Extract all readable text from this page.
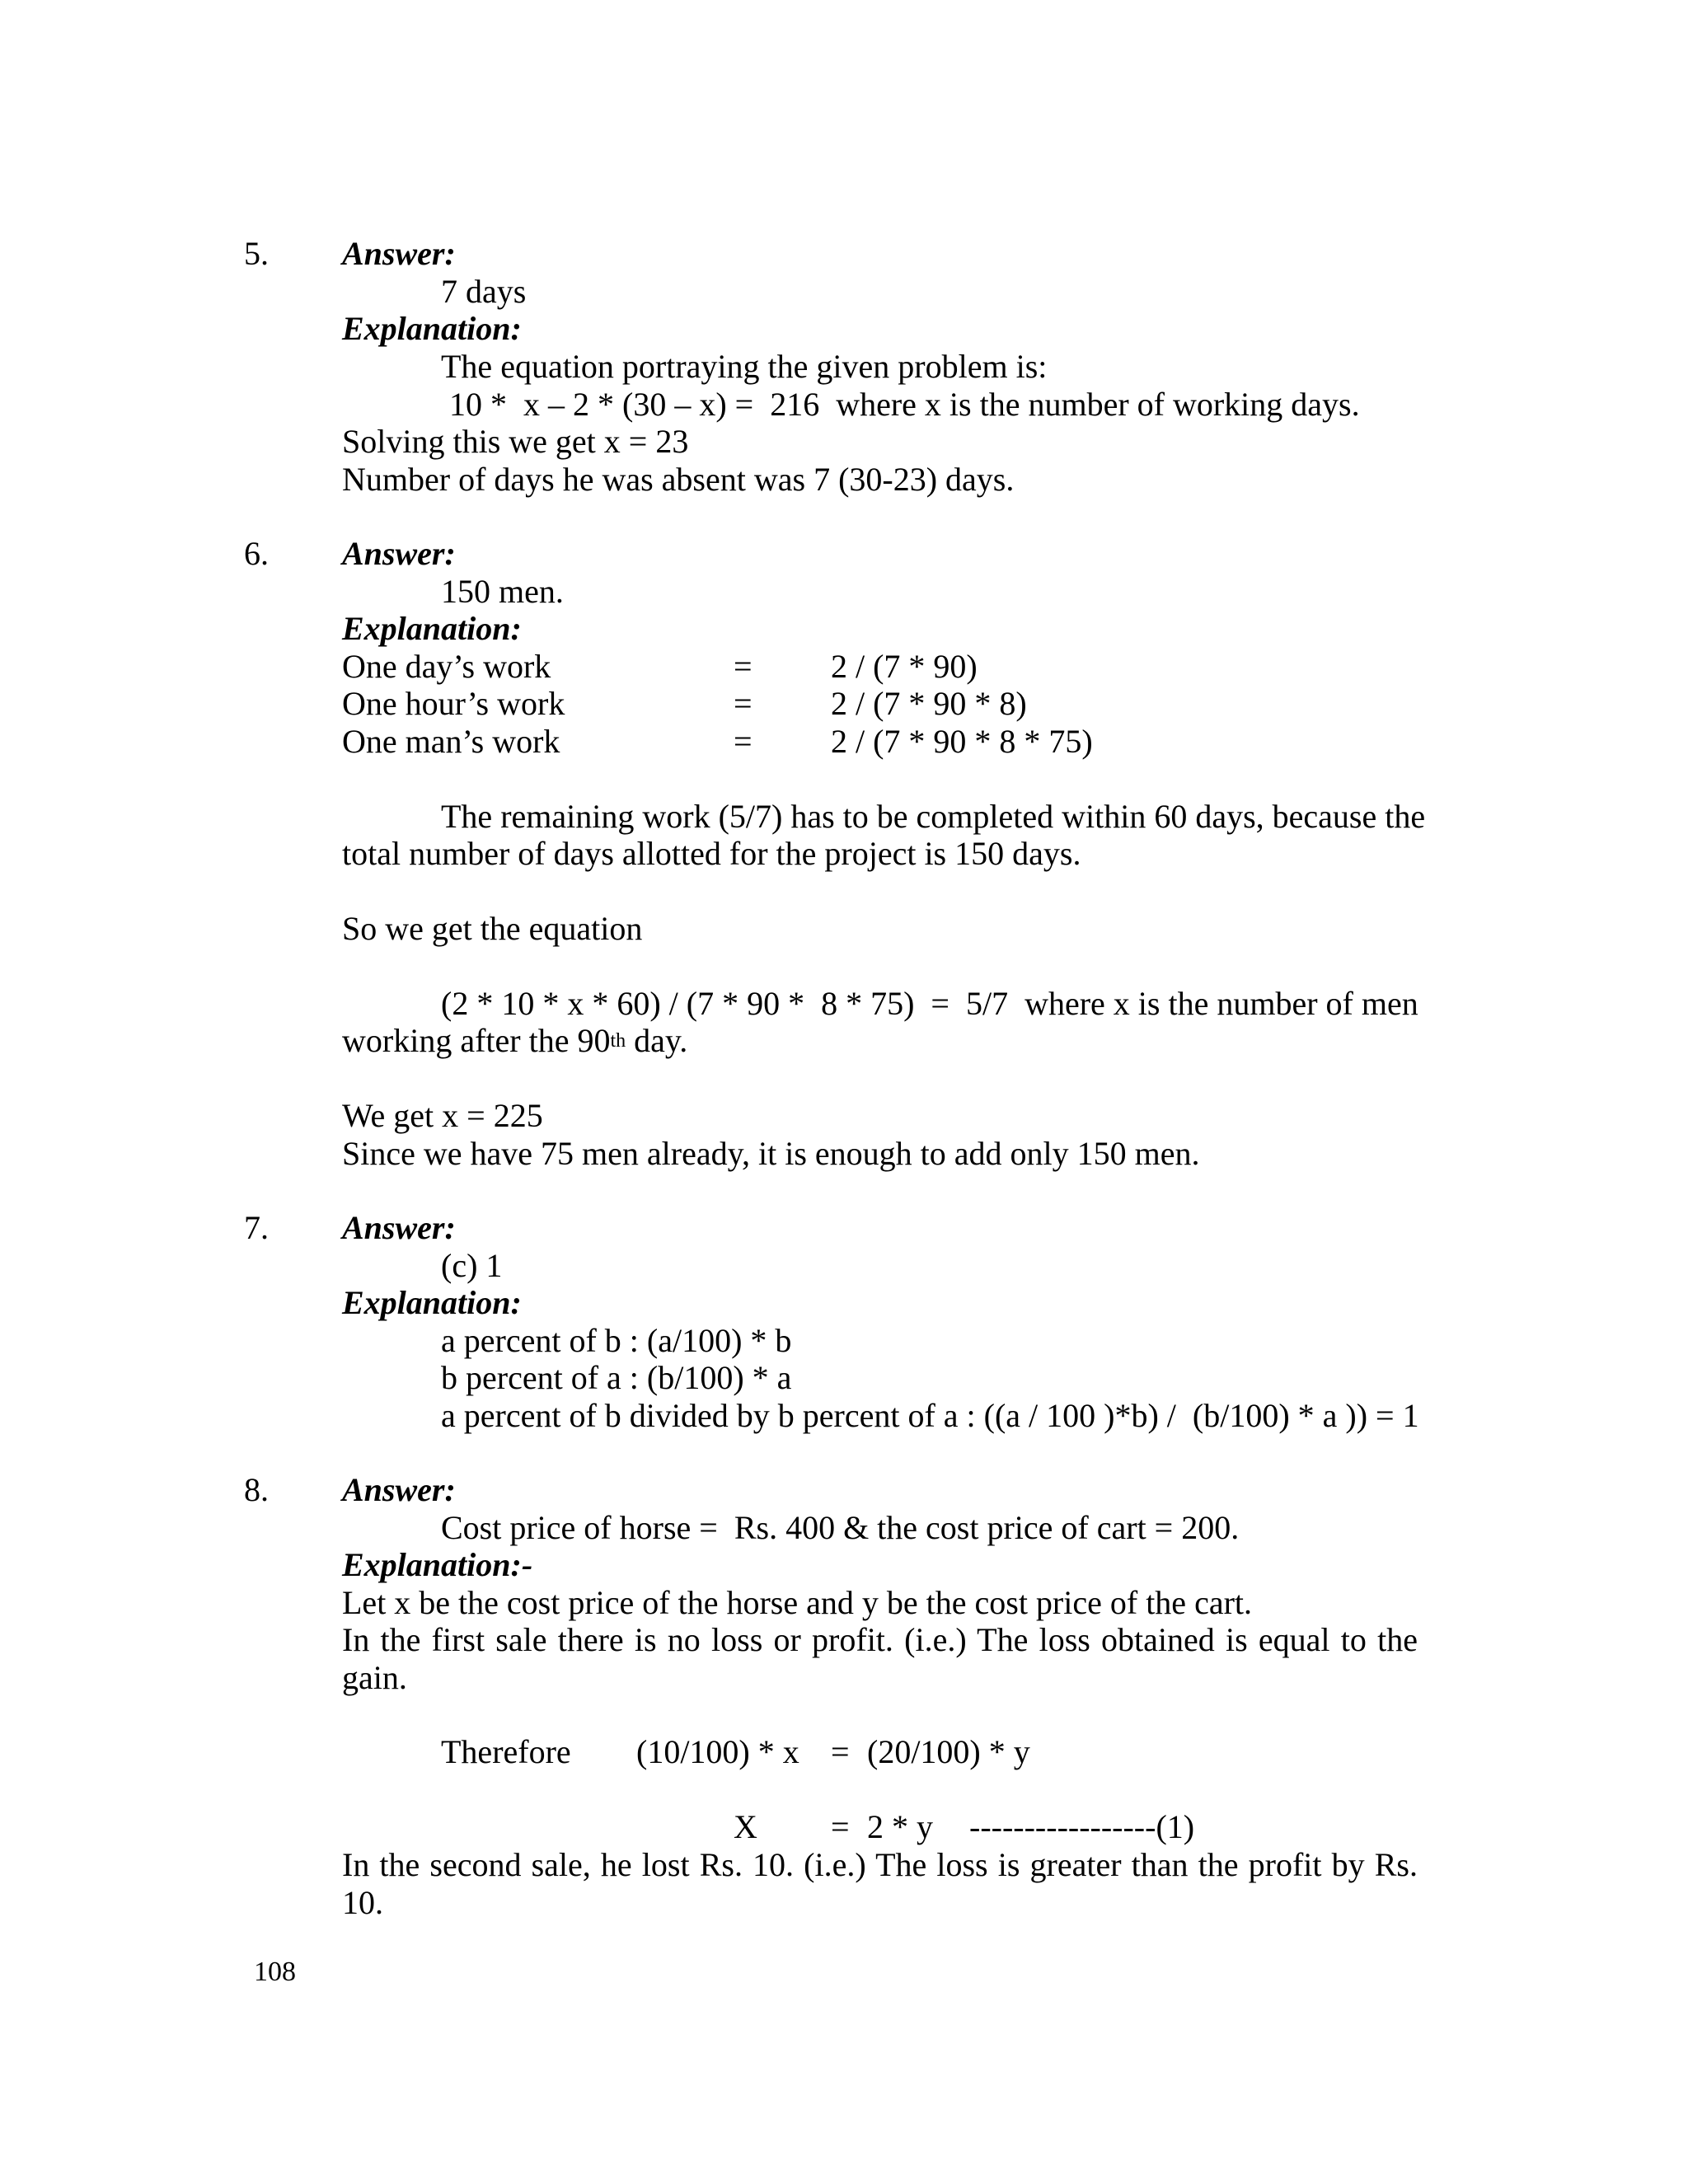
5. Answer:
7 days
Explanation:
The equation portraying the given problem is:
10 *  x – 2 * (30 – x) =  216  where x is the number of working days.
Solving this we get x = 23
Number of days he was absent was 7 (30-23) days.
6. Answer:
150 men.
Explanation:
One day’s work	= 2 / (7 * 90)
One hour’s work	= 2 / (7 * 90 * 8)
One man’s work	= 2 / (7 * 90 * 8 * 75)
The remaining work (5/7) has to be completed within 60 days, because the
total number of days allotted for the project is 150 days.
So we get the equation
(2 * 10 * x * 60) / (7 * 90 *  8 * 75)  =  5/7  where x is the number of men
working after the 90th day.
We get x = 225
Since we have 75 men already, it is enough to add only 150 men.
7. Answer:
(c) 1
Explanation:
a percent of b : (a/100) * b
b percent of a : (b/100) * a
a percent of b divided by b percent of a : ((a / 100 )*b) /  (b/100) * a )) = 1
8. Answer:
Cost price of horse =  Rs. 400 & the cost price of cart = 200.
Explanation:-
Let x be the cost price of the horse and y be the cost price of the cart.
In the first sale there is no loss or profit. (i.e.) The loss obtained is equal to the gain.
Therefore (10/100) * x = (20/100) * y
X = 2 * y -----------------(1)
In the second sale, he lost Rs. 10. (i.e.) The loss is greater than the profit by Rs. 10.
108
